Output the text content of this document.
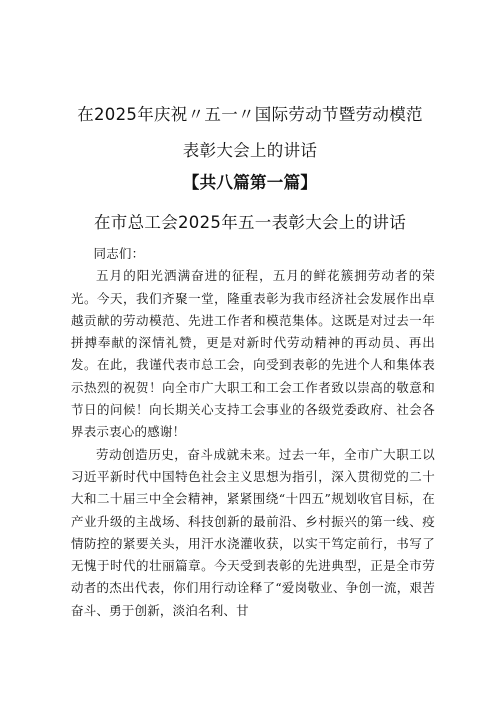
在2025年庆祝〃五一〃国际劳动节暨劳动模范
表彰大会上的讲话
【共八篇第一篇】
在市总工会2025年五一表彰大会上的讲话

同志们：

五月的阳光洒满奋进的征程，五月的鲜花簇拥劳动者的荣光。今天，我们齐聚一堂，隆重表彰为我市经济社会发展作出卓越贡献的劳动模范、先进工作者和模范集体。这既是对过去一年拼搏奉献的深情礼赞，更是对新时代劳动精神的再动员、再出发。在此，我谨代表市总工会，向受到表彰的先进个人和集体表示热烈的祝贺！向全市广大职工和工会工作者致以崇高的敬意和节日的问候！向长期关心支持工会事业的各级党委政府、社会各界表示衷心的感谢！

劳动创造历史，奋斗成就未来。过去一年，全市广大职工以习近平新时代中国特色社会主义思想为指引，深入贯彻党的二十大和二十届三中全会精神，紧紧围绕“十四五”规划收官目标，在产业升级的主战场、科技创新的最前沿、乡村振兴的第一线、疫情防控的紧要关头，用汗水浇灌收获，以实干笃定前行，书写了无愧于时代的壮丽篇章。今天受到表彰的先进典型，正是全市劳动者的杰出代表，你们用行动诠释了“爱岗敬业、争创一流，艰苦奋斗、勇于创新，淡泊名利、甘
